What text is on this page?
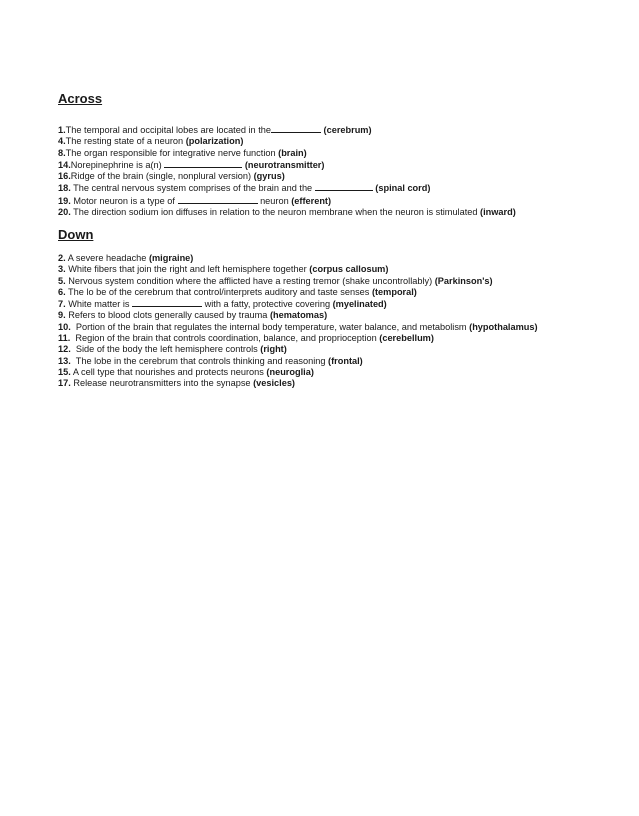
Across
1.The temporal and occipital lobes are located in the	(cerebrum)
4.The resting state of a neuron (polarization)
8.The organ responsible for integrative nerve function (brain)
14.Norepinephrine is a(n)	(neurotransmitter)
16.Ridge of the brain (single, nonplural version) (gyrus)
18. The central nervous system comprises of the brain and the	(spinal cord)
19. Motor neuron is a type of	neuron (efferent)
20. The direction sodium ion diffuses in relation to the neuron membrane when the neuron is stimulated (inward)
Down
2. A severe headache (migraine)
3. White fibers that join the right and left hemisphere together (corpus callosum)
5. Nervous system condition where the afflicted have a resting tremor (shake uncontrollably) (Parkinson's)
6. The lo be of the cerebrum that control/interprets auditory and taste senses (temporal)
7. White matter is	with a fatty, protective covering (myelinated)
9. Refers to blood clots generally caused by trauma (hematomas)
10.  Portion of the brain that regulates the internal body temperature, water balance, and metabolism (hypothalamus)
11.  Region of the brain that controls coordination, balance, and proprioception (cerebellum)
12.  Side of the body the left hemisphere controls (right)
13.  The lobe in the cerebrum that controls thinking and reasoning (frontal)
15. A cell type that nourishes and protects neurons (neuroglia)
17. Release neurotransmitters into the synapse (vesicles)
